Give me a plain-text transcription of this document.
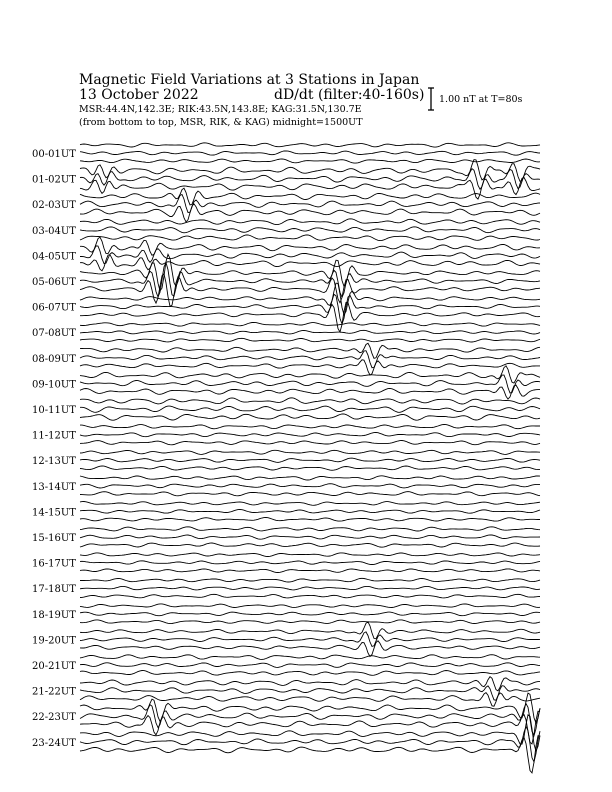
Magnetic Field Variations at 3 Stations in Japan
13 October 2022	dD/dt (filter:40-160s)
MSR:44.4N,142.3E; RIK:43.5N,143.8E; KAG:31.5N,130.7E
(from bottom to top, MSR, RIK, & KAG) midnight=1500UT
1.00 nT at T=80s
00-01UT
01-02UT
02-03UT
03-04UT
04-05UT
05-06UT
06-07UT
07-08UT
08-09UT
09-10UT
10-11UT
11-12UT
12-13UT
13-14UT
14-15UT
15-16UT
16-17UT
17-18UT
18-19UT
19-20UT
20-21UT
21-22UT
22-23UT
23-24UT
